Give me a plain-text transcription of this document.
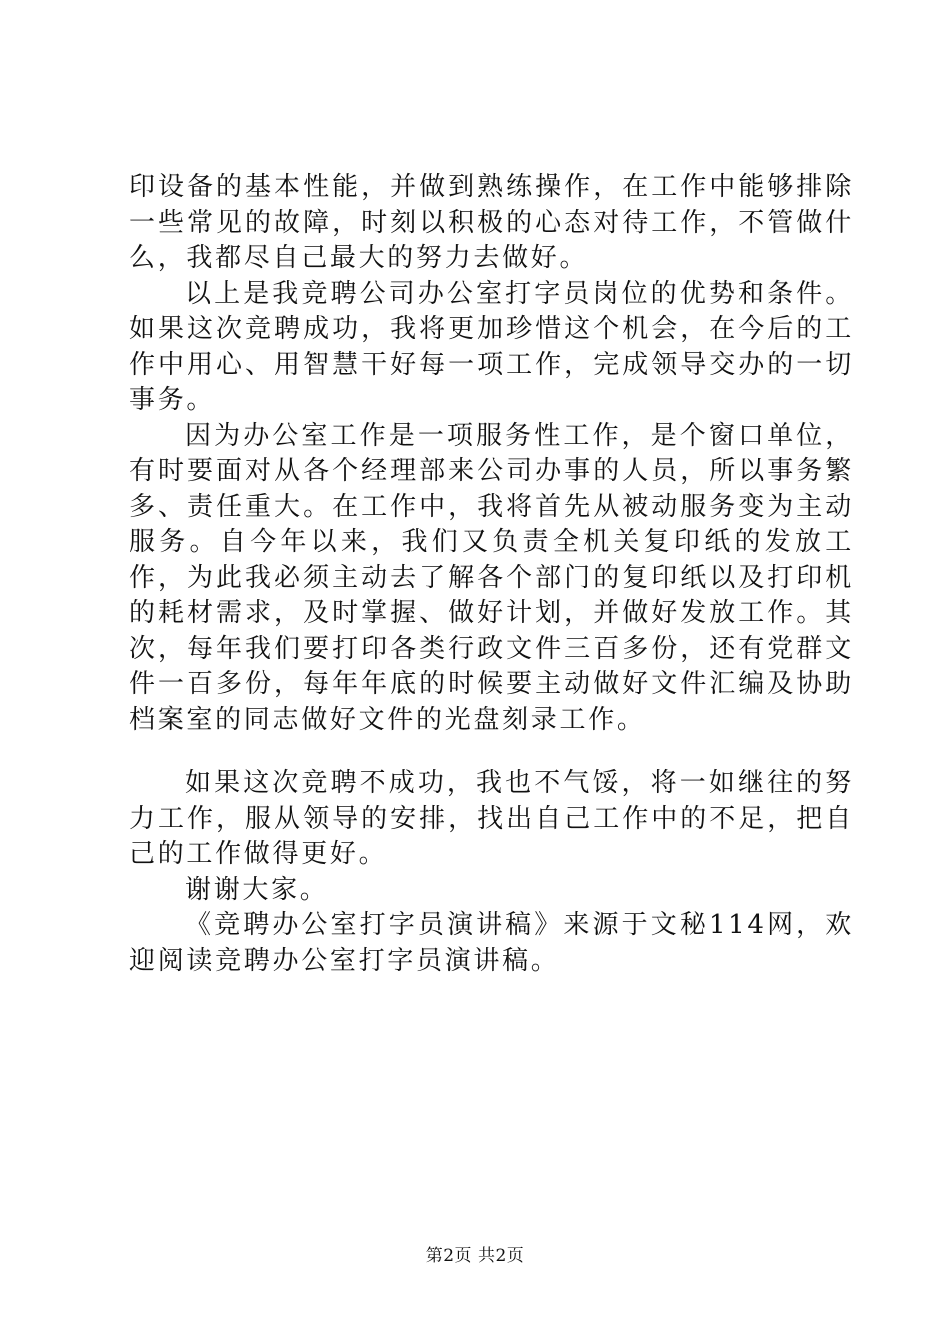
印设备的基本性能，并做到熟练操作，在工作中能够排除一些常见的故障，时刻以积极的心态对待工作，不管做什么，我都尽自己最大的努力去做好。

以上是我竞聘公司办公室打字员岗位的优势和条件。如果这次竞聘成功，我将更加珍惜这个机会，在今后的工作中用心、用智慧干好每一项工作，完成领导交办的一切事务。

因为办公室工作是一项服务性工作，是个窗口单位，有时要面对从各个经理部来公司办事的人员，所以事务繁多、责任重大。在工作中，我将首先从被动服务变为主动服务。自今年以来，我们又负责全机关复印纸的发放工作，为此我必须主动去了解各个部门的复印纸以及打印机的耗材需求，及时掌握、做好计划，并做好发放工作。其次，每年我们要打印各类行政文件三百多份，还有党群文件一百多份，每年年底的时候要主动做好文件汇编及协助档案室的同志做好文件的光盘刻录工作。

如果这次竞聘不成功，我也不气馁，将一如继往的努力工作，服从领导的安排，找出自己工作中的不足，把自己的工作做得更好。

谢谢大家。

《竞聘办公室打字员演讲稿》来源于文秘114网，欢迎阅读竞聘办公室打字员演讲稿。

第2页 共2页
